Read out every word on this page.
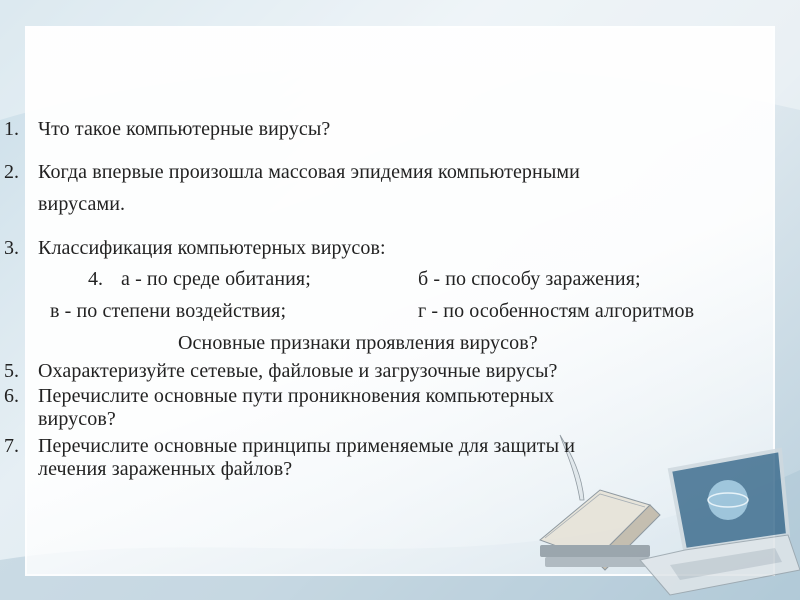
1. Что такое компьютерные вирусы?
2. Когда впервые произошла массовая эпидемия компьютерными
вирусами.
3. Классификация компьютерных вирусов:
4. а - по среде обитания;	б - по способу заражения;
в - по степени воздействия;	г - по особенностям алгоритмов
Основные признаки проявления вирусов?
5. Охарактеризуйте сетевые, файловые и загрузочные вирусы?
6. Перечислите основные пути проникновения компьютерных
вирусов?
7. Перечислите основные принципы применяемые для защиты и
лечения зараженных файлов?
